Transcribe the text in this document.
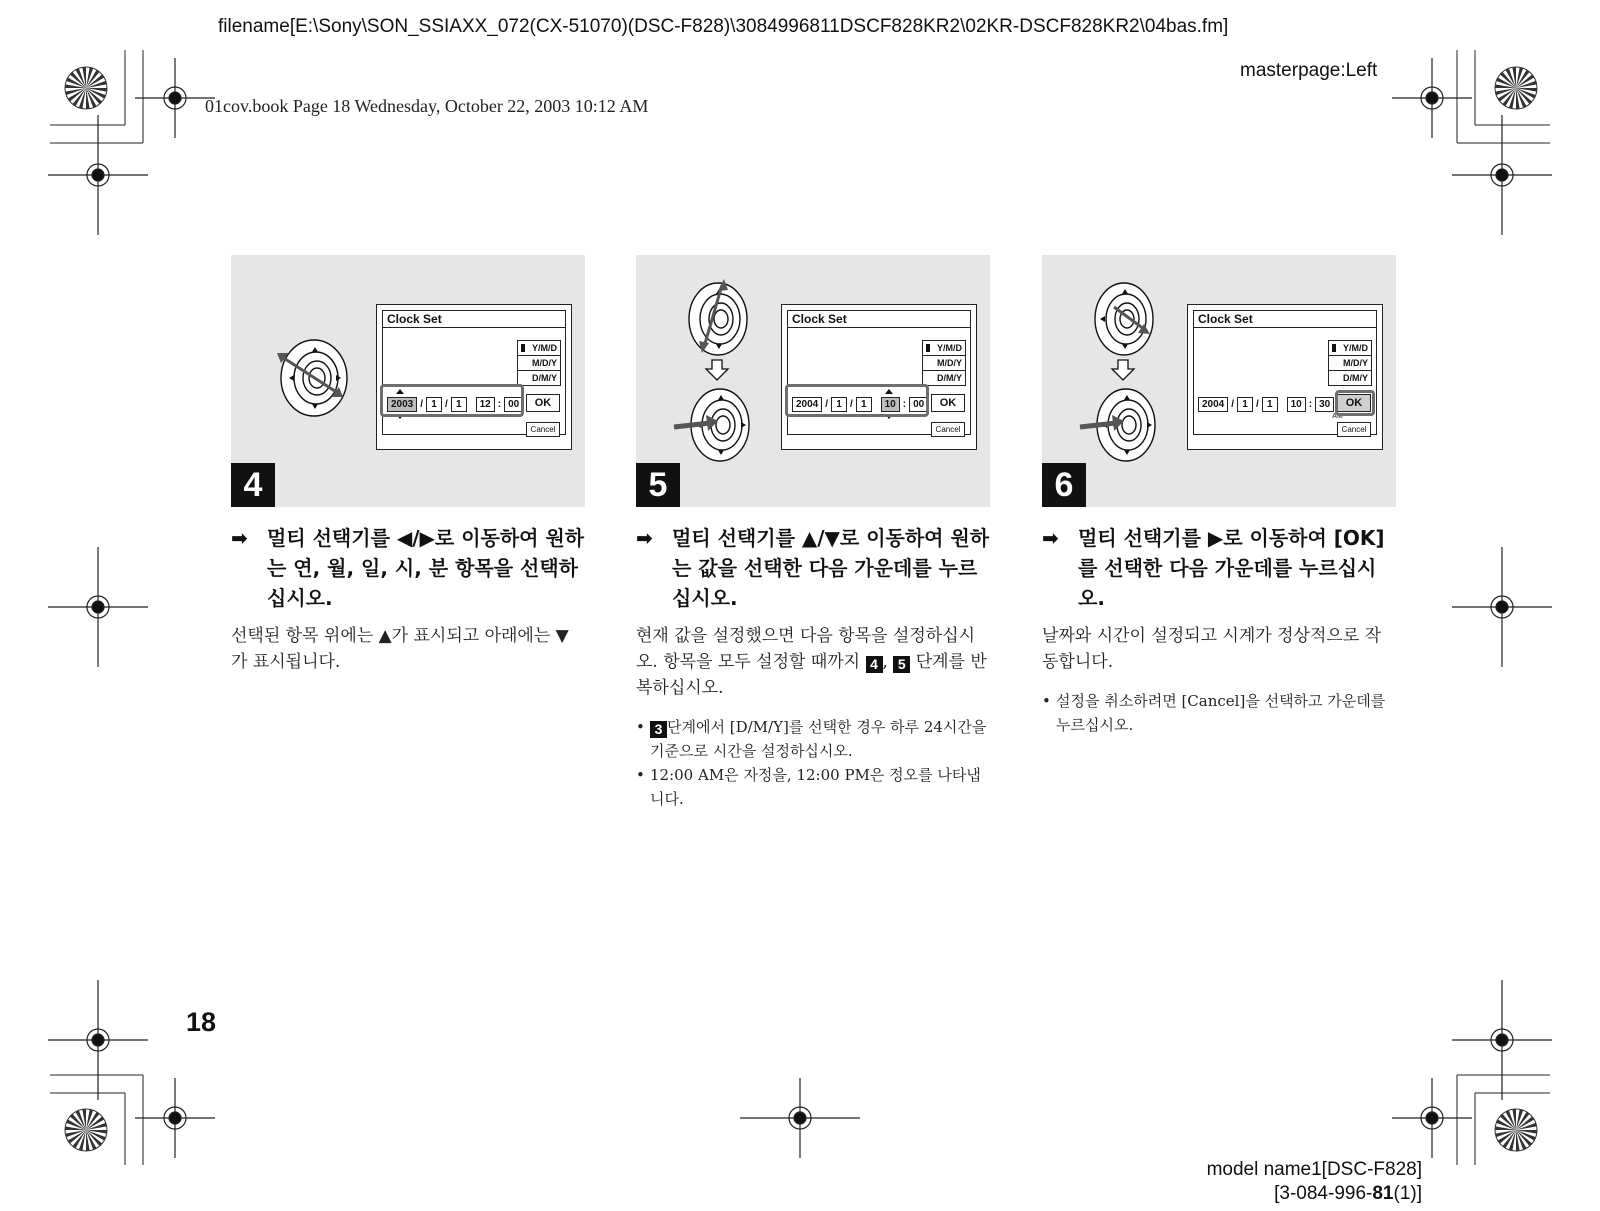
filename[E:\Sony\SON_SSIAXX_072(CX-51070)(DSC-F828)\3084996811DSCF828KR2\02KR-DSCF828KR2\04bas.fm]
masterpage:Left
01cov.book Page 18 Wednesday, October 22, 2003 10:12 AM
Clock Set
Y/M/D
M/D/Y
D/M/Y
2003 / 1 / 1
	12 : 00	OK
Cancel
4
Clock Set
Y/M/D
M/D/Y
D/M/Y
2004 / 1 / 1
	10 : 00	OK
Cancel
5
Clock Set
Y/M/D
M/D/Y
D/M/Y
2004 / 1 / 1
	10 : 30	OK
Cancel
AM
6
➡ 멀티 선택기를 ◀/▶로 이동하여 원하는 연, 월, 일, 시, 분 항목을 선택하십시오.
선택된 항목 위에는 ▲가 표시되고 아래에는 ▼가 표시됩니다.
➡ 멀티 선택기를 ▲/▼로 이동하여 원하는 값을 선택한 다음 가운데를 누르십시오.
현재 값을 설정했으면 다음 항목을 설정하십시오. 항목을 모두 설정할 때까지 4 , 5 단계를 반복하십시오.
• 3 단계에서 [D/M/Y]를 선택한 경우 하루 24시간을 기준으로 시간을 설정하십시오.
• 12:00 AM은 자정을, 12:00 PM은 정오를 나타냅니다.
➡ 멀티 선택기를 ▶로 이동하여 [OK]를 선택한 다음 가운데를 누르십시오.
날짜와 시간이 설정되고 시계가 정상적으로 작동합니다.
• 설정을 취소하려면 [Cancel]을 선택하고 가운데를 누르십시오.
18
model name1[DSC-F828]
[3-084-996-81(1)]
